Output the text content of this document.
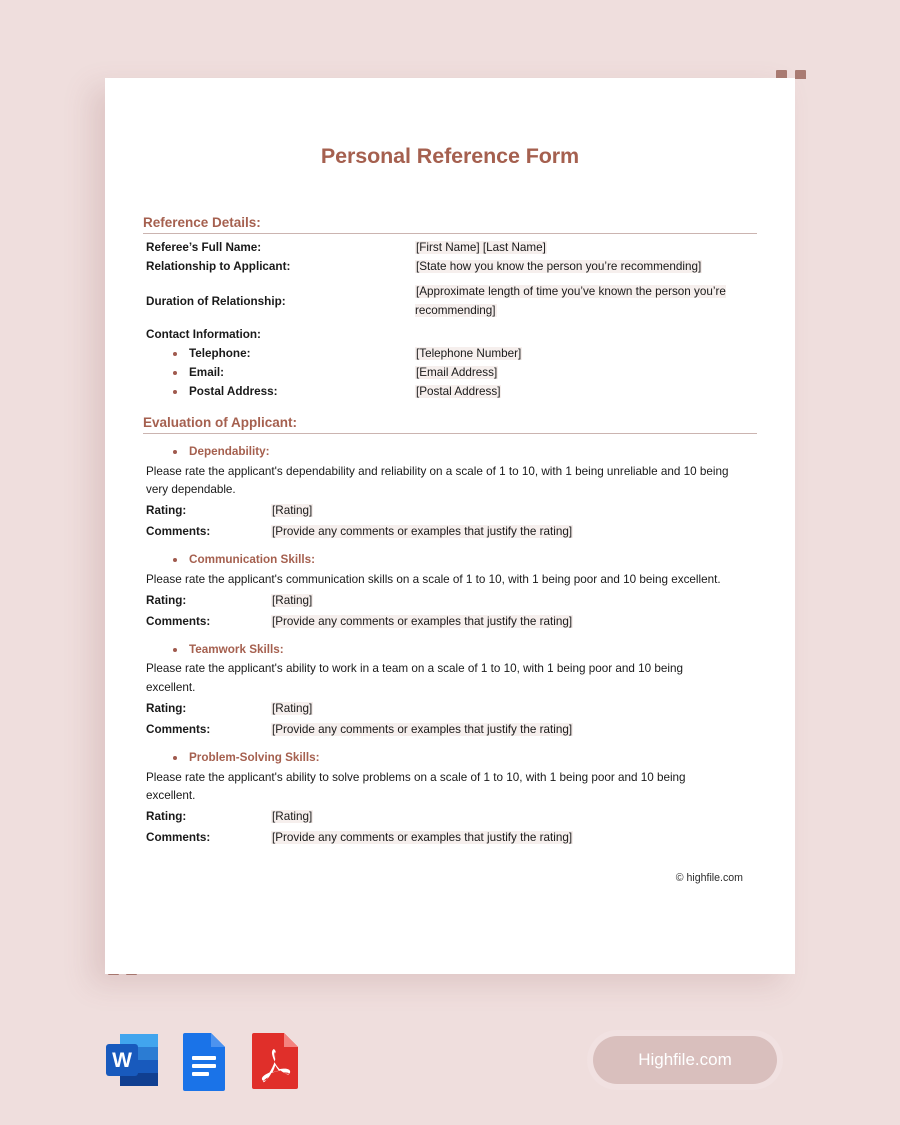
Personal Reference Form
Reference Details:
Referee’s Full Name:	[First Name] [Last Name]
Relationship to Applicant:	[State how you know the person you’re recommending]
Duration of Relationship:
[Approximate length of time you’ve known the person you’re recommending]
Contact Information:
Telephone:	[Telephone Number]
Email:	[Email Address]
Postal Address:	[Postal Address]
Evaluation of Applicant:
Dependability:
Please rate the applicant's dependability and reliability on a scale of 1 to 10, with 1 being unreliable and 10 being very dependable.
Rating:	[Rating]
Comments:	[Provide any comments or examples that justify the rating]
Communication Skills:
Please rate the applicant's communication skills on a scale of 1 to 10, with 1 being poor and 10 being excellent.
Rating:	[Rating]
Comments:	[Provide any comments or examples that justify the rating]
Teamwork Skills:
Please rate the applicant's ability to work in a team on a scale of 1 to 10, with 1 being poor and 10 being excellent.
Rating:	[Rating]
Comments:	[Provide any comments or examples that justify the rating]
Problem-Solving Skills:
Please rate the applicant's ability to solve problems on a scale of 1 to 10, with 1 being poor and 10 being excellent.
Rating:	[Rating]
Comments:	[Provide any comments or examples that justify the rating]
© highfile.com
W	Highfile.com
